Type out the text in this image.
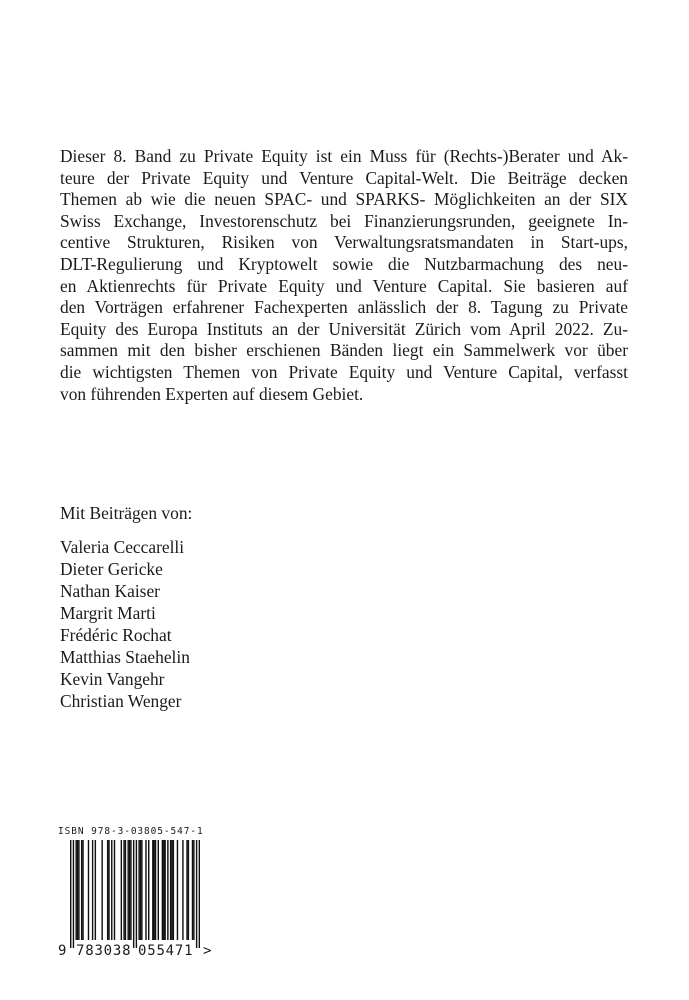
Dieser 8. Band zu Private Equity ist ein Muss für (Rechts-)Berater und Ak-
teure der Private Equity und Venture Capital-Welt. Die Beiträge decken
Themen ab wie die neuen SPAC- und SPARKS- Möglichkeiten an der SIX
Swiss Exchange, Investorenschutz bei Finanzierungsrunden, geeignete In-
centive Strukturen, Risiken von Verwaltungsratsmandaten in Start-ups,
DLT-Regulierung und Kryptowelt sowie die Nutzbarmachung des neu-
en Aktienrechts für Private Equity und Venture Capital. Sie basieren auf
den Vorträgen erfahrener Fachexperten anlässlich der 8. Tagung zu Private
Equity des Europa Instituts an der Universität Zürich vom April 2022. Zu-
sammen mit den bisher erschienen Bänden liegt ein Sammelwerk vor über
die wichtigsten Themen von Private Equity und Venture Capital, verfasst
von führenden Experten auf diesem Gebiet.
Mit Beiträgen von:
Valeria Ceccarelli
Dieter Gericke
Nathan Kaiser
Margrit Marti
Frédéric Rochat
Matthias Staehelin
Kevin Vangehr
Christian Wenger
ISBN 978-3-03805-547-1
9 783038 055471 >
